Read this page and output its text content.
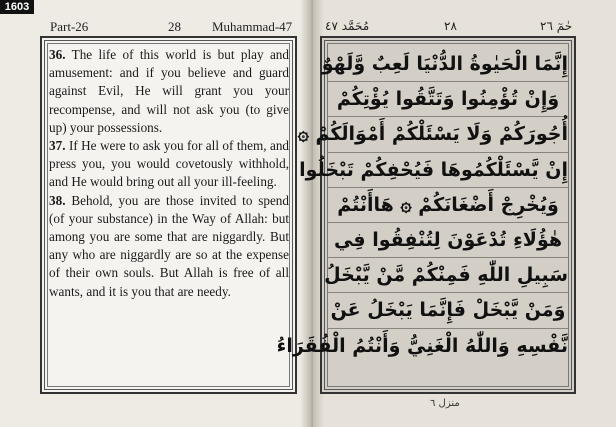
1603
Part-26	28 Muhammad-47	مُحَمَّد ٤٧	٢٨	حٰمٓ ٢٦

36. The life of this world is but play and amusement: and if you believe and guard against Evil, He will grant you your recompense, and will not ask you (to give up) your possessions.

37. If He were to ask you for all of them, and press you, you would covetously withhold, and He would bring out all your ill-feeling.

38. Behold, you are those invited to spend (of your substance) in the Way of Allah: but among you are some that are niggardly. But any who are niggardly are so at the expense of their own souls. But Allah is free of all wants, and it is you that are needy.

إِنَّمَا الْحَيٰوةُ الدُّنْيَا لَعِبٌ وَّلَهْوٌ
وَإِنْ تُؤْمِنُوا وَتَتَّقُوا يُؤْتِكُمْ
أُجُورَكُمْ وَلَا يَسْئَلْكُمْ أَمْوَالَكُمْ ۞
إِنْ يَّسْئَلْكُمُوهَا فَيُحْفِكُمْ تَبْخَلُوا
وَيُخْرِجْ أَضْغَانَكُمْ ۞ هَاأَنْتُمْ
هٰؤُلَاءِ تُدْعَوْنَ لِتُنْفِقُوا فِي
سَبِيلِ اللّٰهِ فَمِنْكُمْ مَّنْ يَّبْخَلُ
وَمَنْ يَّبْخَلْ فَإِنَّمَا يَبْخَلُ عَنْ
نَّفْسِهِ وَاللّٰهُ الْغَنِيُّ وَأَنْتُمُ الْفُقَرَاءُ
منزل ٦
